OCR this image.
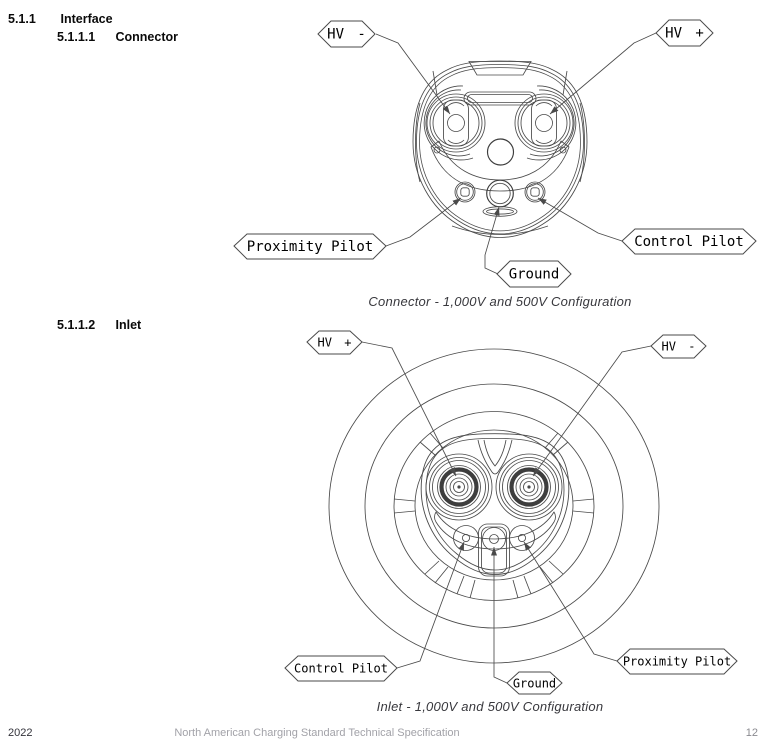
5.1.1 Interface
5.1.1.1 Connector
5.1.1.2 Inlet
HV -	HV +
Proximity Pilot	Control Pilot
Ground
Connector - 1,000V and 500V Configuration
HV +	HV -
Control Pilot	Proximity Pilot
Ground
Inlet - 1,000V and 500V Configuration
2022	North American Charging Standard Technical Specification	12
